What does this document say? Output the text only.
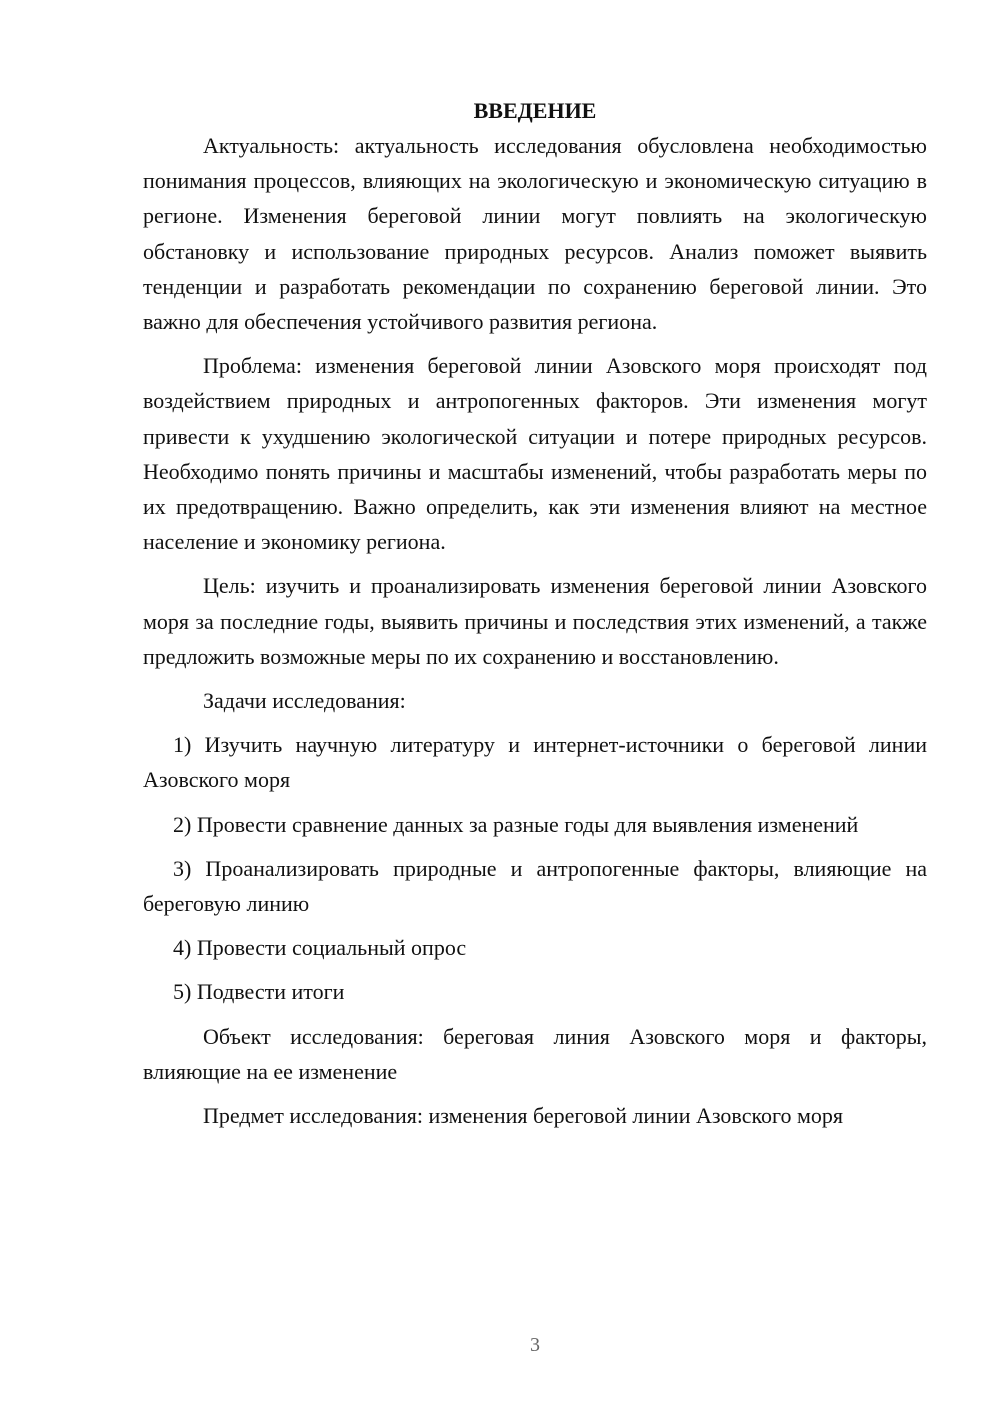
ВВЕДЕНИЕ

Актуальность: актуальность исследования обусловлена необходимостью понимания процессов, влияющих на экологическую и экономическую ситуацию в регионе. Изменения береговой линии могут повлиять на экологическую обстановку и использование природных ресурсов. Анализ поможет выявить тенденции и разработать рекомендации по сохранению береговой линии. Это важно для обеспечения устойчивого развития региона.

Проблема: изменения береговой линии Азовского моря происходят под воздействием природных и антропогенных факторов. Эти изменения могут привести к ухудшению экологической ситуации и потере природных ресурсов. Необходимо понять причины и масштабы изменений, чтобы разработать меры по их предотвращению. Важно определить, как эти изменения влияют на местное население и экономику региона.

Цель: изучить и проанализировать изменения береговой линии Азовского моря за последние годы, выявить причины и последствия этих изменений, а также предложить возможные меры по их сохранению и восстановлению.

Задачи исследования:

1) Изучить научную литературу и интернет-источники о береговой линии Азовского моря

2) Провести сравнение данных за разные годы для выявления изменений

3) Проанализировать природные и антропогенные факторы, влияющие на береговую линию

4) Провести социальный опрос

5) Подвести итоги

Объект исследования: береговая линия Азовского моря и факторы, влияющие на ее изменение

Предмет исследования: изменения береговой линии Азовского моря

3
